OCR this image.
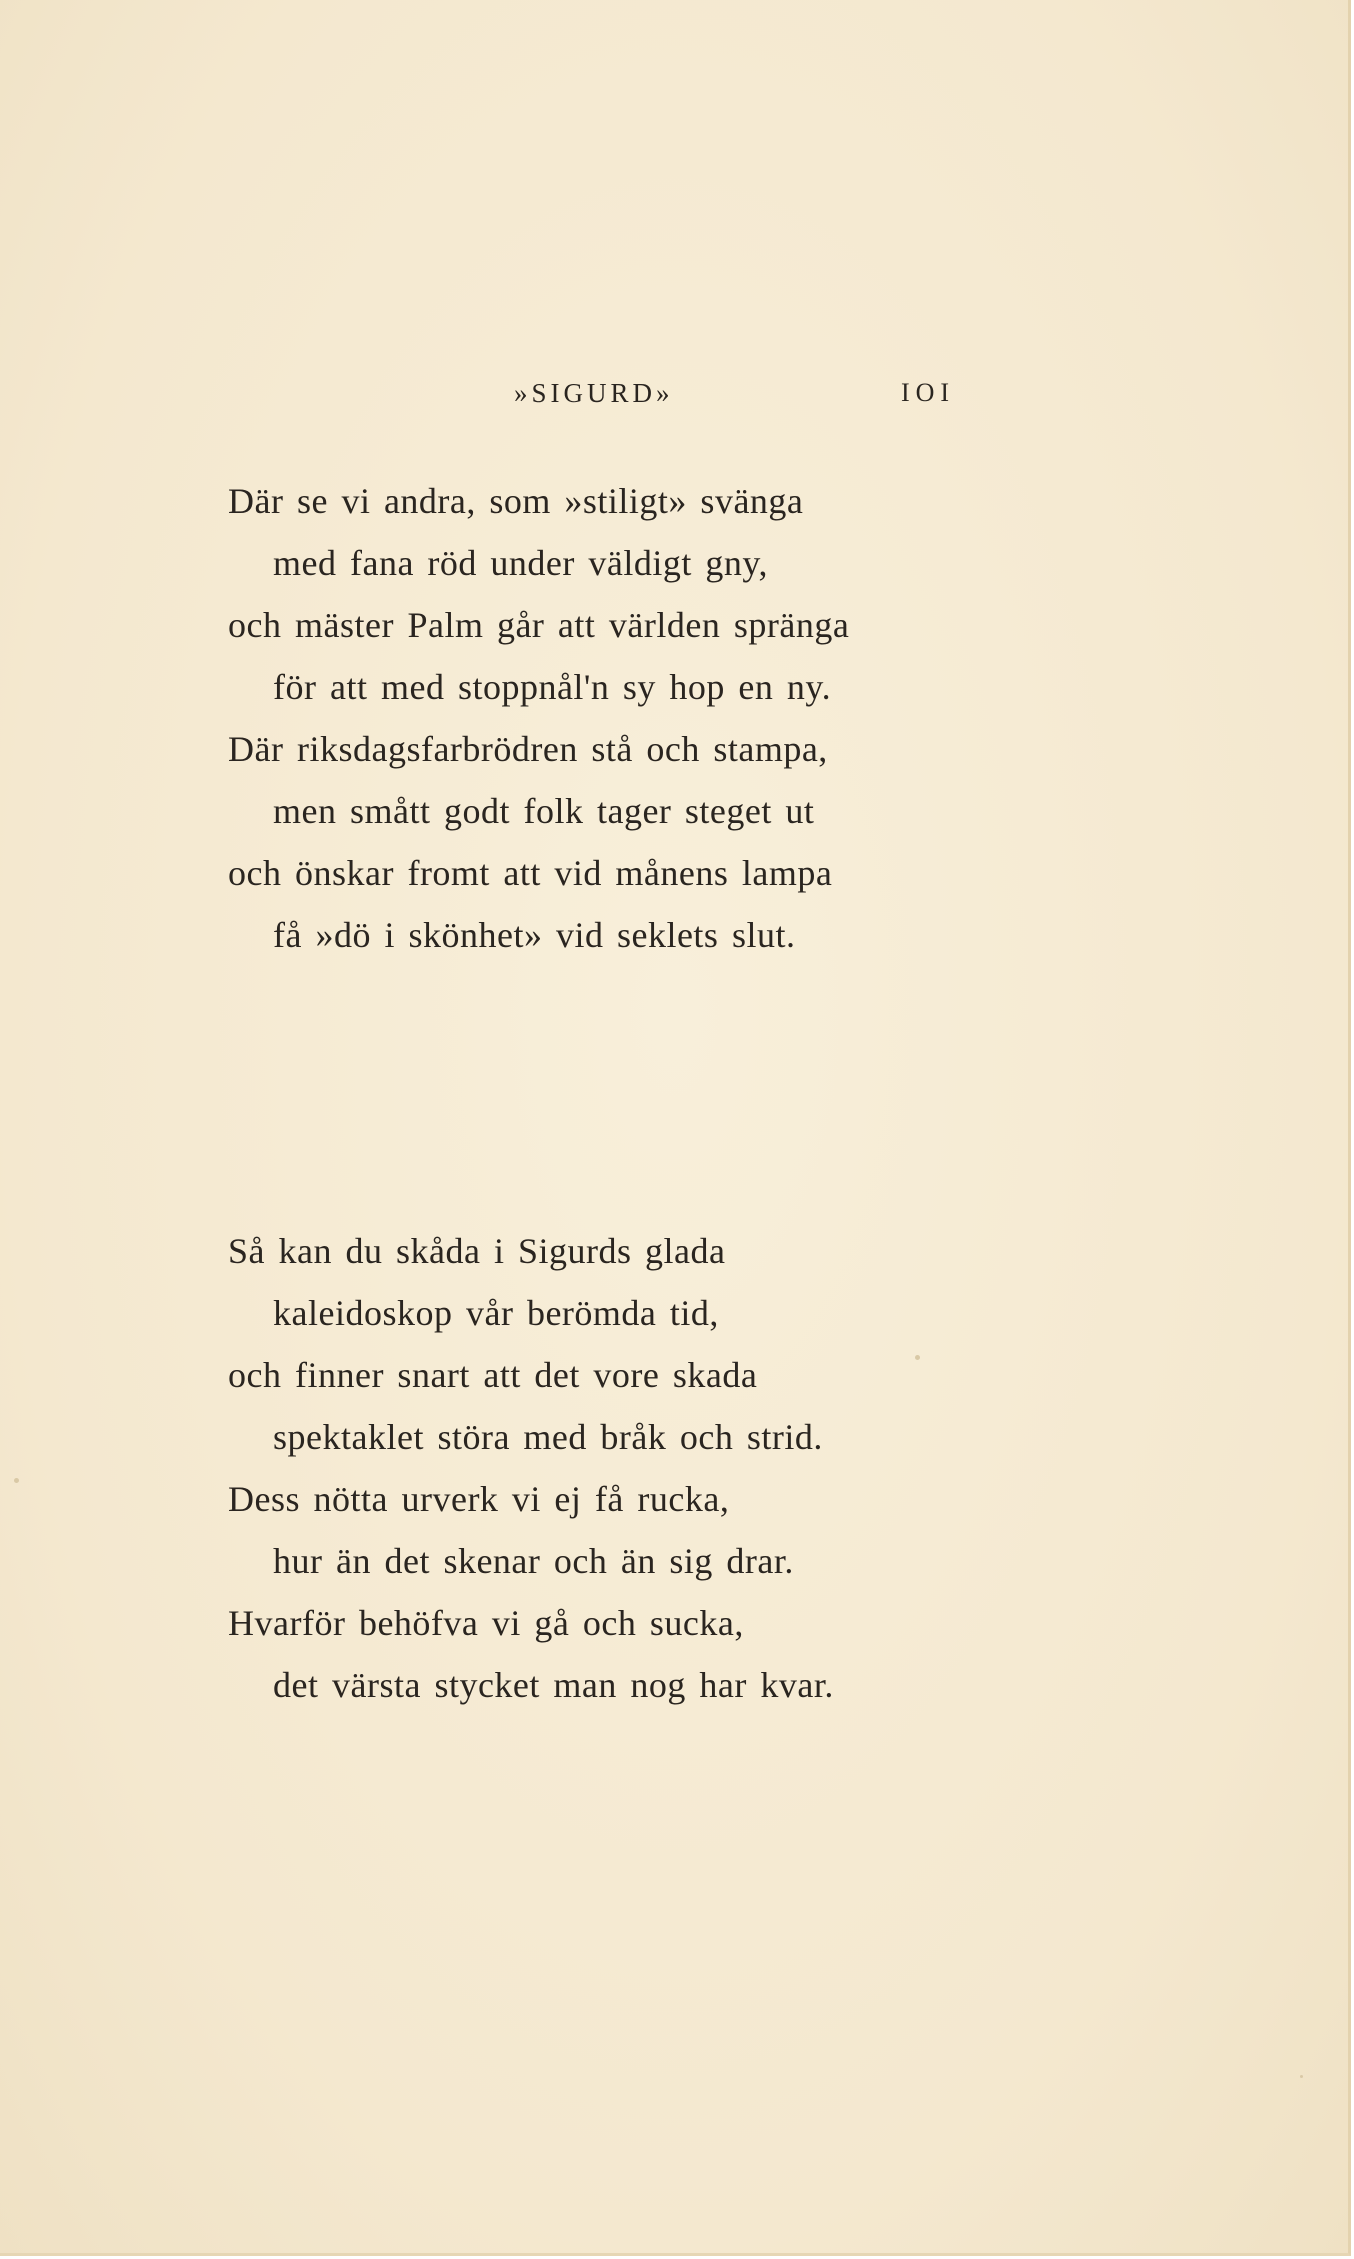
»SIGURD»	IOI
Där se vi andra, som »stiligt» svänga
med fana röd under väldigt gny,
och mäster Palm går att världen spränga
för att med stoppnål'n sy hop en ny.
Där riksdagsfarbrödren stå och stampa,
men smått godt folk tager steget ut
och önskar fromt att vid månens lampa
få »dö i skönhet» vid seklets slut.
Så kan du skåda i Sigurds glada
kaleidoskop vår berömda tid,
och finner snart att det vore skada
spektaklet störa med bråk och strid.
Dess nötta urverk vi ej få rucka,
hur än det skenar och än sig drar.
Hvarför behöfva vi gå och sucka,
det värsta stycket man nog har kvar.
